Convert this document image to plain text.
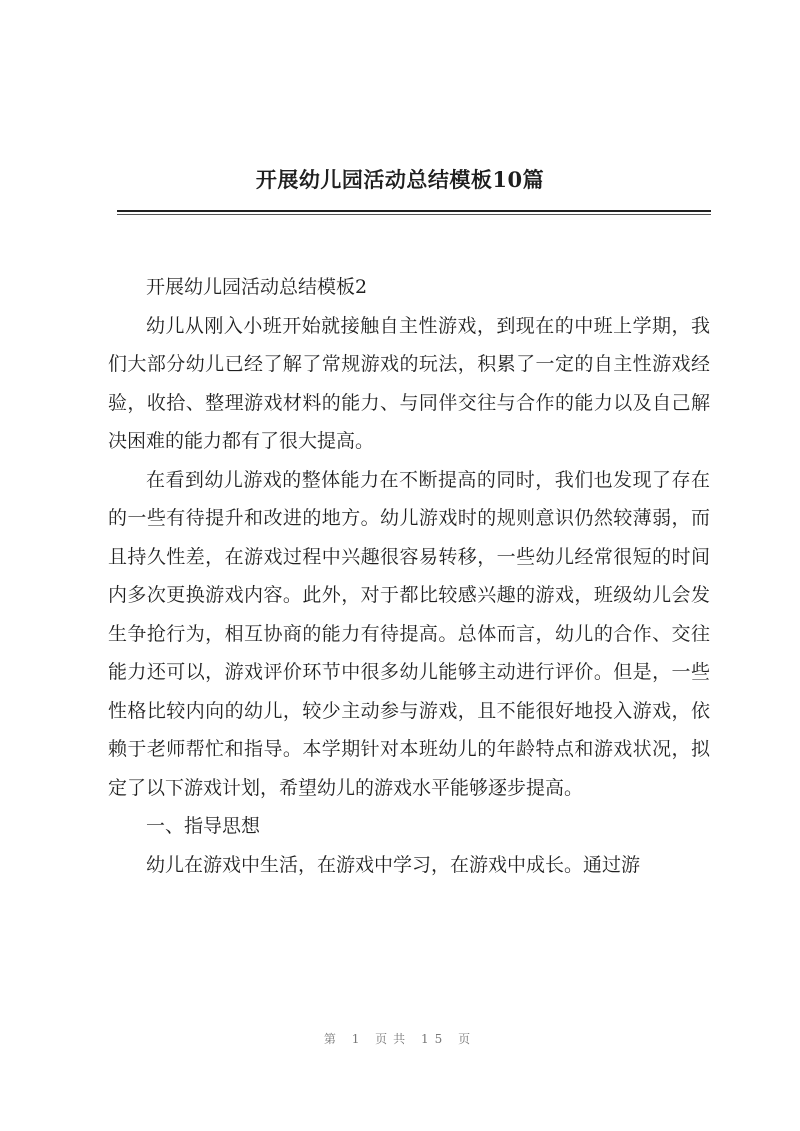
开展幼儿园活动总结模板10篇

开展幼儿园活动总结模板2

幼儿从刚入小班开始就接触自主性游戏，到现在的中班上学期，我们大部分幼儿已经了解了常规游戏的玩法，积累了一定的自主性游戏经验，收拾、整理游戏材料的能力、与同伴交往与合作的能力以及自己解决困难的能力都有了很大提高。

在看到幼儿游戏的整体能力在不断提高的同时，我们也发现了存在的一些有待提升和改进的地方。幼儿游戏时的规则意识仍然较薄弱，而且持久性差，在游戏过程中兴趣很容易转移，一些幼儿经常很短的时间内多次更换游戏内容。此外，对于都比较感兴趣的游戏，班级幼儿会发生争抢行为，相互协商的能力有待提高。总体而言，幼儿的合作、交往能力还可以，游戏评价环节中很多幼儿能够主动进行评价。但是，一些性格比较内向的幼儿，较少主动参与游戏，且不能很好地投入游戏，依赖于老师帮忙和指导。本学期针对本班幼儿的年龄特点和游戏状况，拟定了以下游戏计划，希望幼儿的游戏水平能够逐步提高。

一、指导思想

幼儿在游戏中生活，在游戏中学习，在游戏中成长。通过游

第 1 页共 15 页
